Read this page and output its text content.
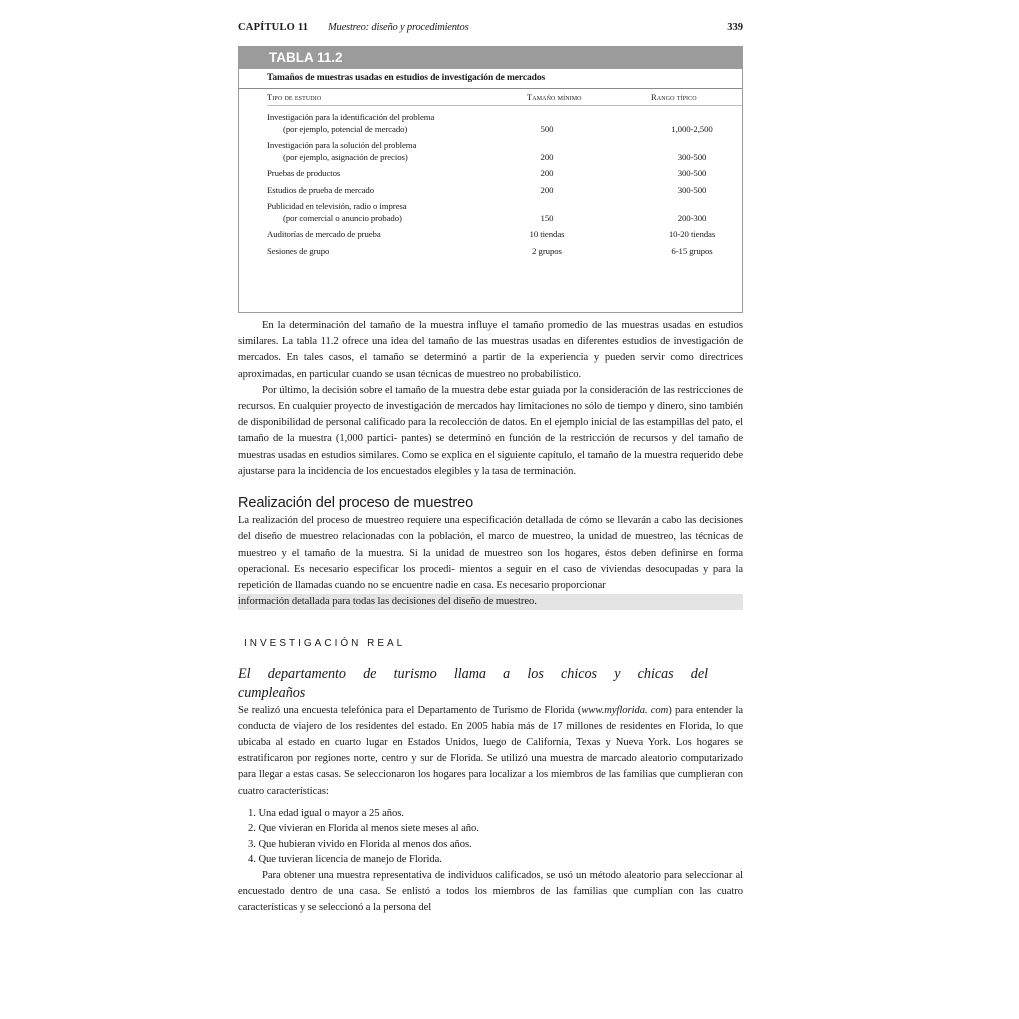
CAPÍTULO 11 Muestreo: diseño y procedimientos	339
TABLA 11.2
Tamaños de muestras usadas en estudios de investigación de mercados
Tipo de estudio	Tamaño mínimo	Rango típico
Investigación para la identificación del problema
(por ejemplo, potencial de mercado)	500	1,000-2,500
Investigación para la solución del problema
(por ejemplo, asignación de precios)	200	300-500
Pruebas de productos	200	300-500
Estudios de prueba de mercado	200	300-500
Publicidad en televisión, radio o impresa
(por comercial o anuncio probado)	150	200-300
Auditorías de mercado de prueba	10 tiendas	10-20 tiendas
Sesiones de grupo	2 grupos	6-15 grupos

En la determinación del tamaño de la muestra influye el tamaño promedio de las muestras usadas en estudios similares. La tabla 11.2 ofrece una idea del tamaño de las muestras usadas en diferentes estudios de investigación de mercados. En tales casos, el tamaño se determinó a partir de la experiencia y pueden servir como directrices aproximadas, en particular cuando se usan técnicas de muestreo no probabilístico.

Por último, la decisión sobre el tamaño de la muestra debe estar guiada por la consideración de las restricciones de recursos. En cualquier proyecto de investigación de mercados hay limitaciones no sólo de tiempo y dinero, sino también de disponibilidad de personal calificado para la recolección de datos. En el ejemplo inicial de las estampillas del pato, el tamaño de la muestra (1,000 partici- pantes) se determinó en función de la restricción de recursos y del tamaño de muestras usadas en estudios similares. Como se explica en el siguiente capítulo, el tamaño de la muestra requerido debe ajustarse para la incidencia de los encuestados elegibles y la tasa de terminación.

Realización del proceso de muestreo

La realización del proceso de muestreo requiere una especificación detallada de cómo se llevarán a cabo las decisiones del diseño de muestreo relacionadas con la población, el marco de muestreo, la unidad de muestreo, las técnicas de muestreo y el tamaño de la muestra. Si la unidad de muestreo son los hogares, éstos deben definirse en forma operacional. Es necesario especificar los procedi- mientos a seguir en el caso de viviendas desocupadas y para la repetición de llamadas cuando no se encuentre nadie en casa. Es necesario proporcionar

información detallada para todas las decisiones del diseño de muestreo.

INVESTIGACIÓN REAL
El departamento de turismo llama a los chicos y chicas del
cumpleaños

Se realizó una encuesta telefónica para el Departamento de Turismo de Florida (www.myflorida. com) para entender la conducta de viajero de los residentes del estado. En 2005 había más de 17 millones de residentes en Florida, lo que ubicaba al estado en cuarto lugar en Estados Unidos, luego de California, Texas y Nueva York. Los hogares se estratificaron por regiones norte, centro y sur de Florida. Se utilizó una muestra de marcado aleatorio computarizado para llegar a estas casas. Se seleccionaron los hogares para localizar a los miembros de las familias que cumplieran con cuatro características:

1. Una edad igual o mayor a 25 años.
2. Que vivieran en Florida al menos siete meses al año.
3. Que hubieran vivido en Florida al menos dos años.
4. Que tuvieran licencia de manejo de Florida.

Para obtener una muestra representativa de individuos calificados, se usó un método aleatorio para seleccionar al encuestado dentro de una casa. Se enlistó a todos los miembros de las familias que cumplían con las cuatro características y se seleccionó a la persona del
